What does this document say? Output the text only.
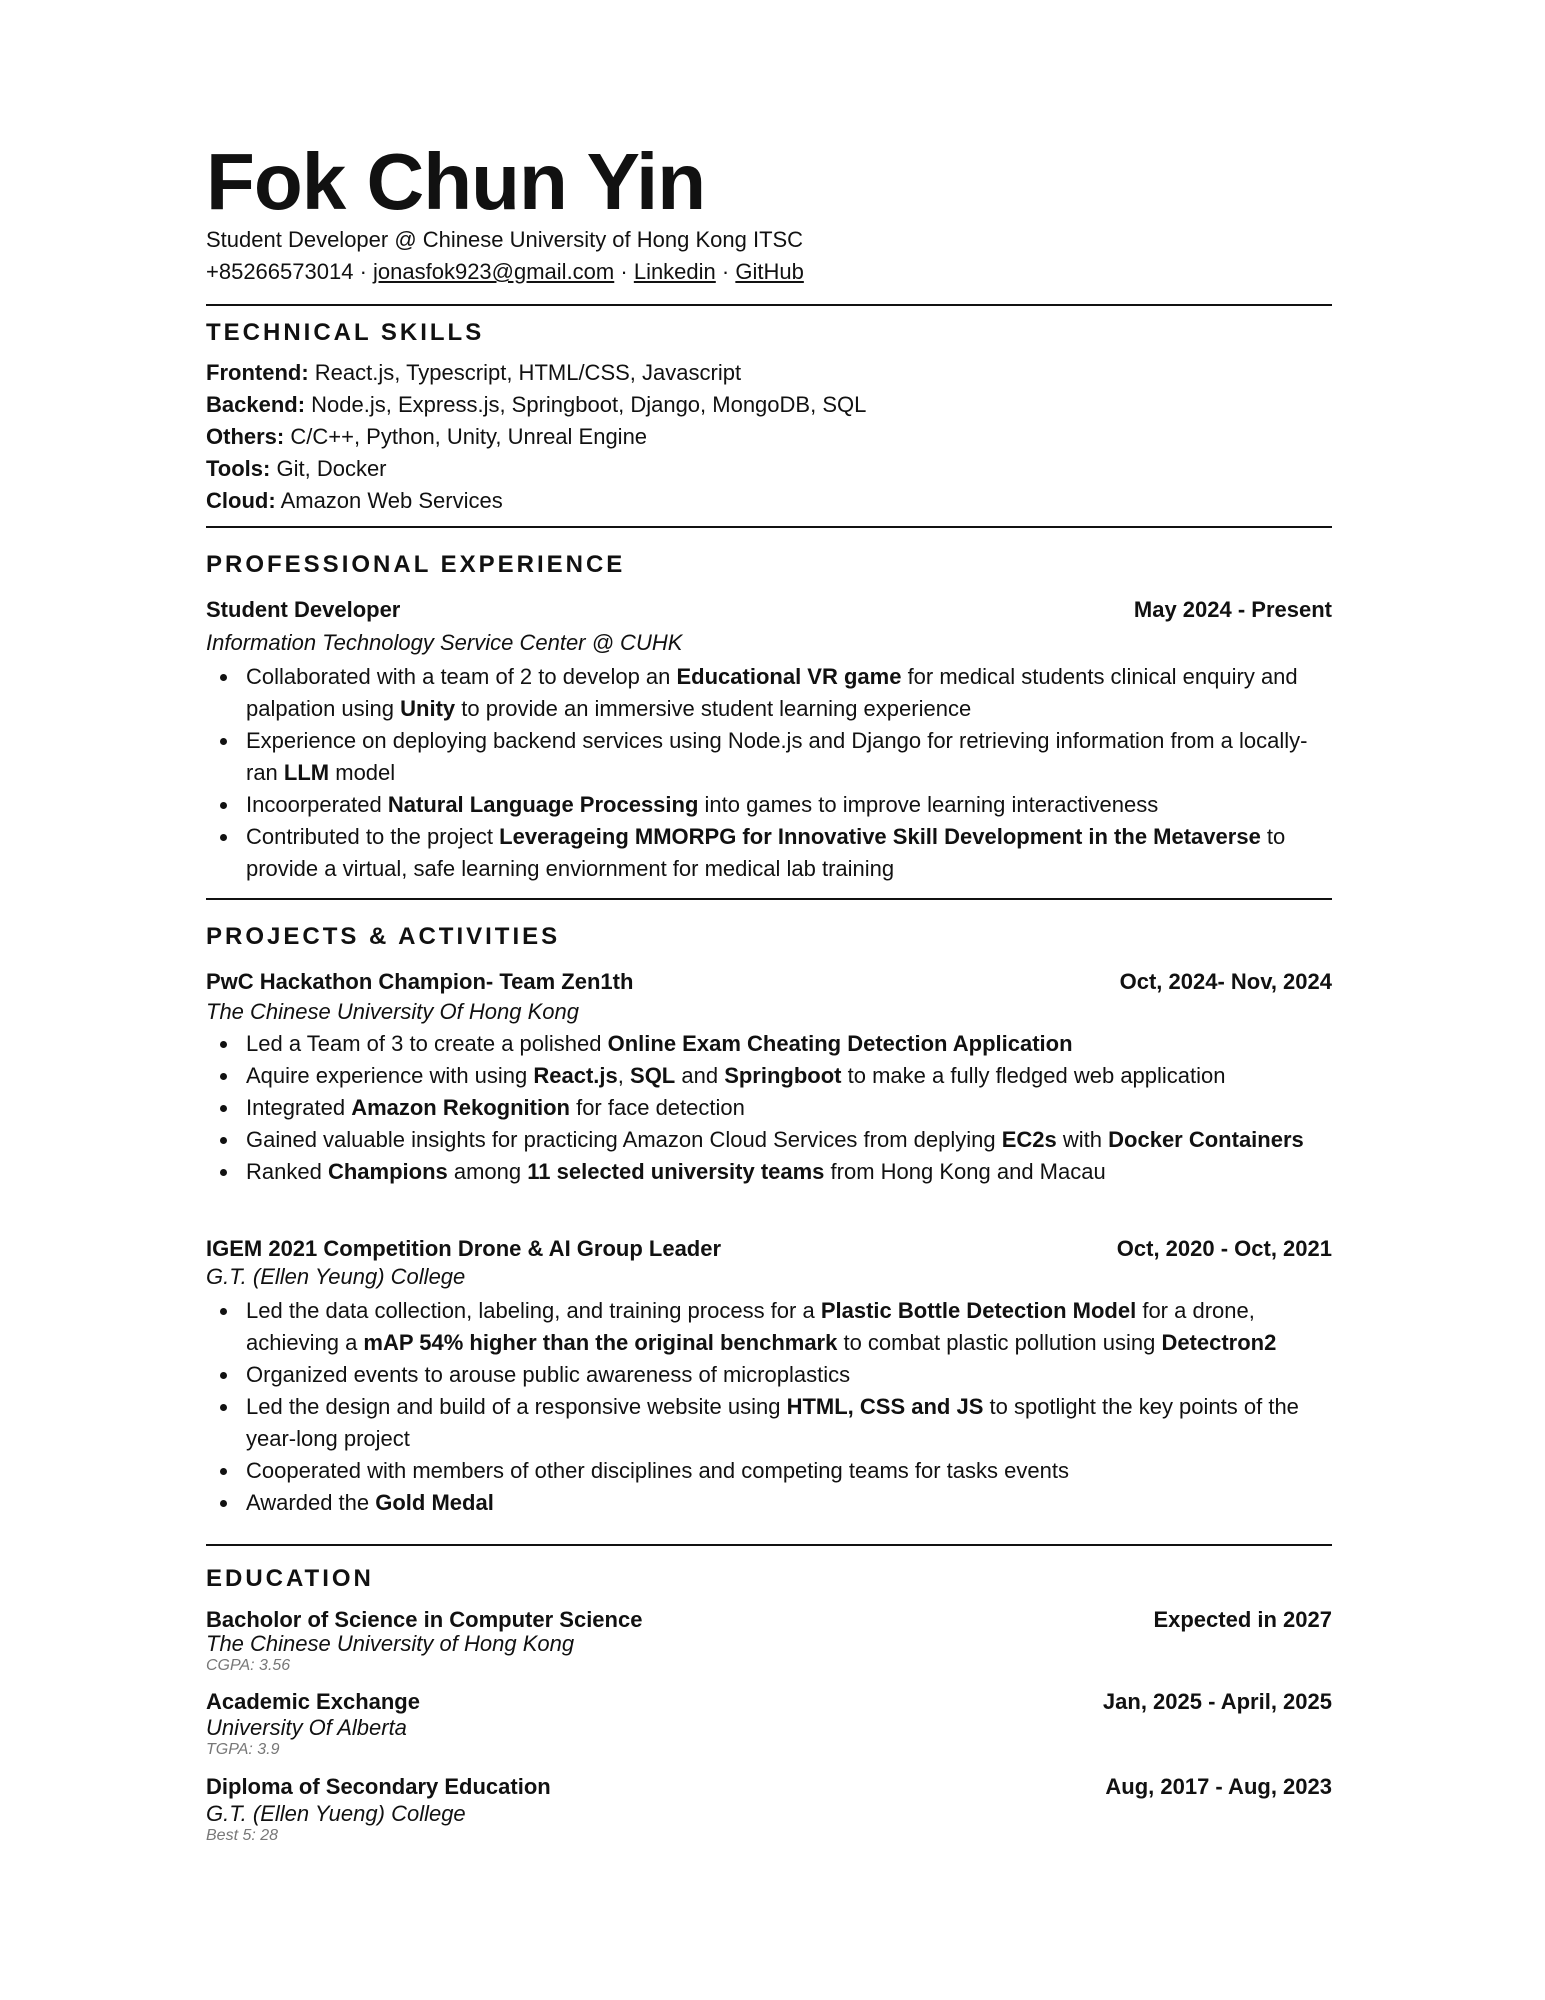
Fok Chun Yin
Student Developer @ Chinese University of Hong Kong ITSC
+85266573014 · jonasfok923@gmail.com · Linkedin · GitHub
TECHNICAL SKILLS
Frontend: React.js, Typescript, HTML/CSS, Javascript
Backend: Node.js, Express.js, Springboot, Django, MongoDB, SQL
Others: C/C++, Python, Unity, Unreal Engine
Tools: Git, Docker
Cloud: Amazon Web Services
PROFESSIONAL EXPERIENCE
Student Developer	May 2024 - Present
Information Technology Service Center @ CUHK
Collaborated with a team of 2 to develop an Educational VR game for medical students clinical enquiry and palpation using Unity to provide an immersive student learning experience
Experience on deploying backend services using Node.js and Django for retrieving information from a locally-ran LLM model
Incoorperated Natural Language Processing into games to improve learning interactiveness
Contributed to the project Leverageing MMORPG for Innovative Skill Development in the Metaverse to provide a virtual, safe learning enviornment for medical lab training
PROJECTS & ACTIVITIES
PwC Hackathon Champion- Team Zen1th	Oct, 2024- Nov, 2024
The Chinese University Of Hong Kong
Led a Team of 3 to create a polished Online Exam Cheating Detection Application
Aquire experience with using React.js, SQL and Springboot to make a fully fledged web application
Integrated Amazon Rekognition for face detection
Gained valuable insights for practicing Amazon Cloud Services from deplying EC2s with Docker Containers
Ranked Champions among 11 selected university teams from Hong Kong and Macau
IGEM 2021 Competition Drone & AI Group Leader	Oct, 2020 - Oct, 2021
G.T. (Ellen Yeung) College
Led the data collection, labeling, and training process for a Plastic Bottle Detection Model for a drone, achieving a mAP 54% higher than the original benchmark to combat plastic pollution using Detectron2
Organized events to arouse public awareness of microplastics
Led the design and build of a responsive website using HTML, CSS and JS to spotlight the key points of the year-long project
Cooperated with members of other disciplines and competing teams for tasks events
Awarded the Gold Medal
EDUCATION
Bacholor of Science in Computer Science	Expected in 2027
The Chinese University of Hong Kong
CGPA: 3.56
Academic Exchange	Jan, 2025 - April, 2025
University Of Alberta
TGPA: 3.9
Diploma of Secondary Education	Aug, 2017 - Aug, 2023
G.T. (Ellen Yueng) College
Best 5: 28
